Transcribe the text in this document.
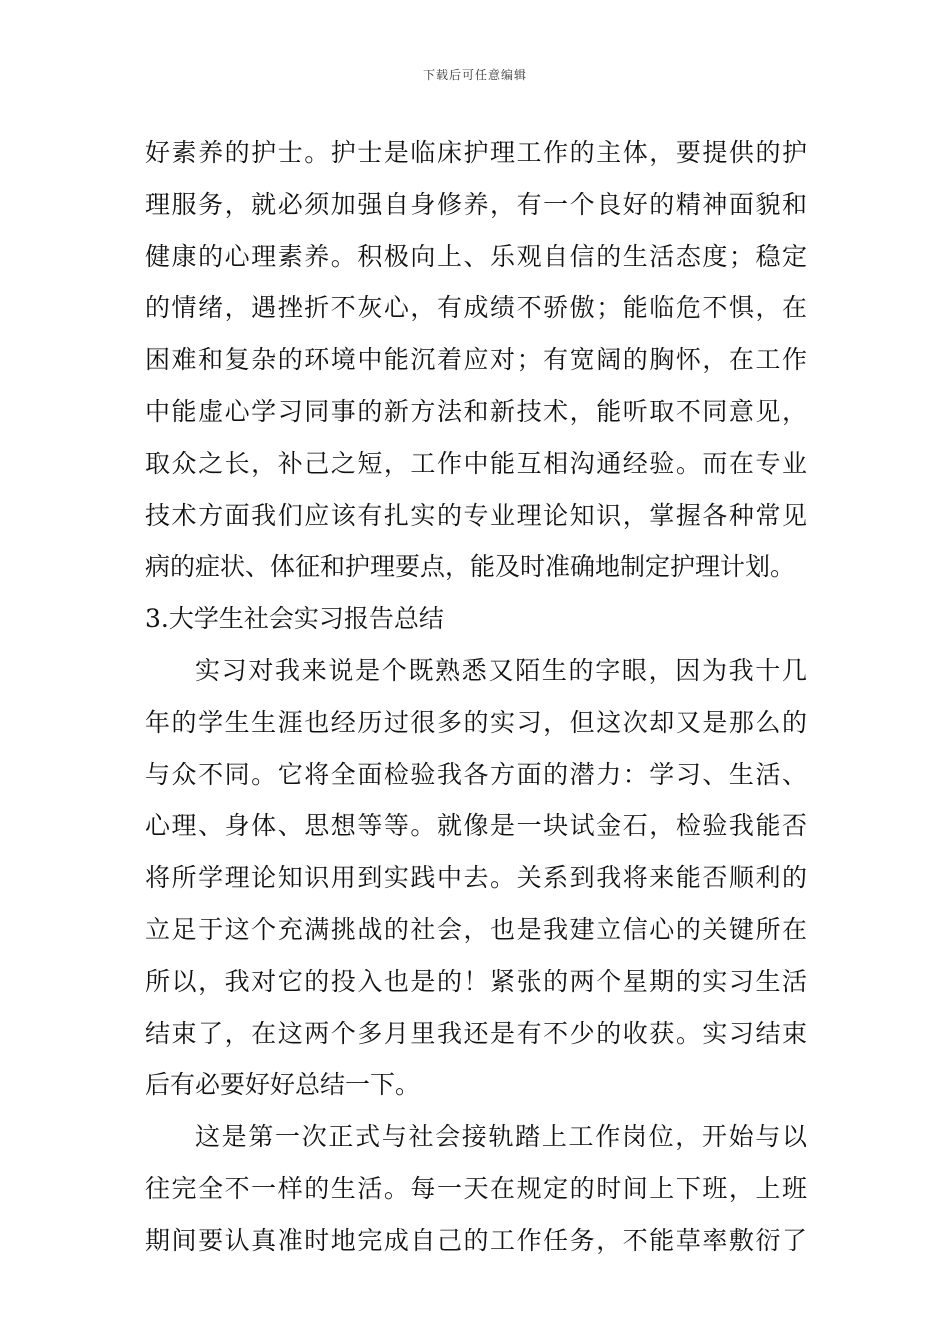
下载后可任意编辑
好素养的护士。护士是临床护理工作的主体，要提供的护
理服务，就必须加强自身修养，有一个良好的精神面貌和
健康的心理素养。积极向上、乐观自信的生活态度；稳定
的情绪，遇挫折不灰心，有成绩不骄傲；能临危不惧，在
困难和复杂的环境中能沉着应对；有宽阔的胸怀，在工作
中能虚心学习同事的新方法和新技术，能听取不同意见，
取众之长，补己之短，工作中能互相沟通经验。而在专业
技术方面我们应该有扎实的专业理论知识，掌握各种常见
病的症状、体征和护理要点，能及时准确地制定护理计划。
3.大学生社会实习报告总结
实习对我来说是个既熟悉又陌生的字眼，因为我十几
年的学生生涯也经历过很多的实习，但这次却又是那么的
与众不同。它将全面检验我各方面的潜力：学习、生活、
心理、身体、思想等等。就像是一块试金石，检验我能否
将所学理论知识用到实践中去。关系到我将来能否顺利的
立足于这个充满挑战的社会，也是我建立信心的关键所在
所以，我对它的投入也是的！紧张的两个星期的实习生活
结束了，在这两个多月里我还是有不少的收获。实习结束
后有必要好好总结一下。
这是第一次正式与社会接轨踏上工作岗位，开始与以
往完全不一样的生活。每一天在规定的时间上下班，上班
期间要认真准时地完成自己的工作任务，不能草率敷衍了
